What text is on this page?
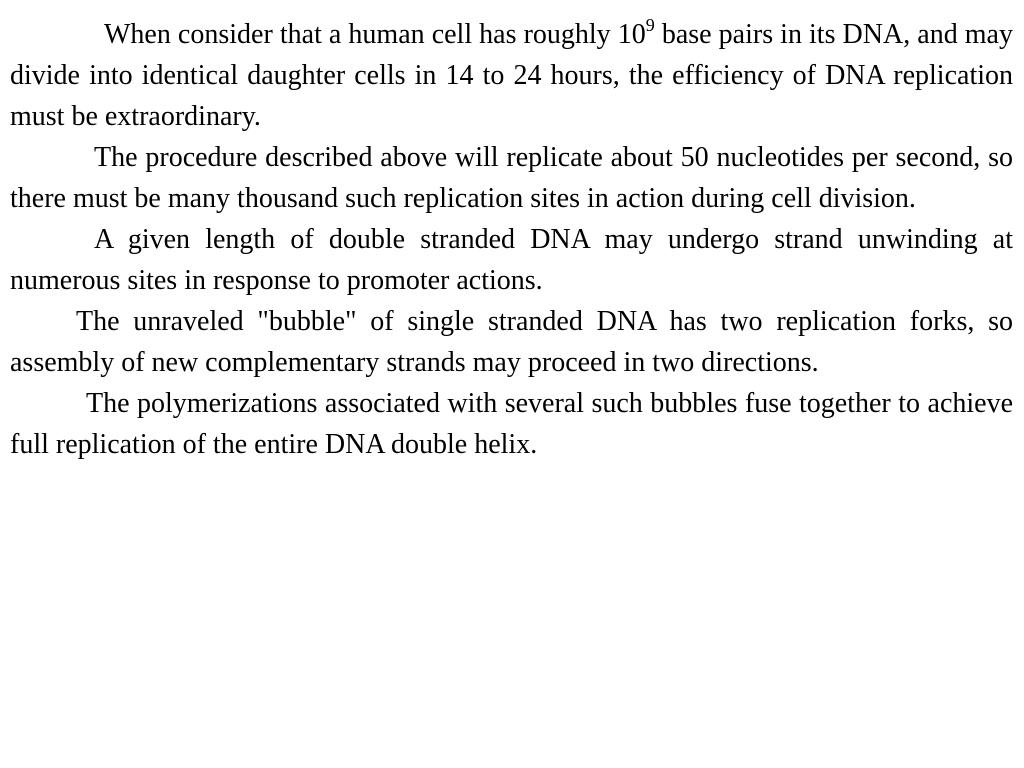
When consider that a human cell has roughly $10^9$ base pairs in its DNA, and may divide into identical daughter cells in 14 to 24 hours, the efficiency of DNA replication must be extraordinary.

The procedure described above will replicate about 50 nucleotides per second, so there must be many thousand such replication sites in action during cell division.

A given length of double stranded DNA may undergo strand unwinding at numerous sites in response to promoter actions.

The unraveled "bubble" of single stranded DNA has two replication forks, so assembly of new complementary strands may proceed in two directions.

The polymerizations associated with several such bubbles fuse together to achieve full replication of the entire DNA double helix.
